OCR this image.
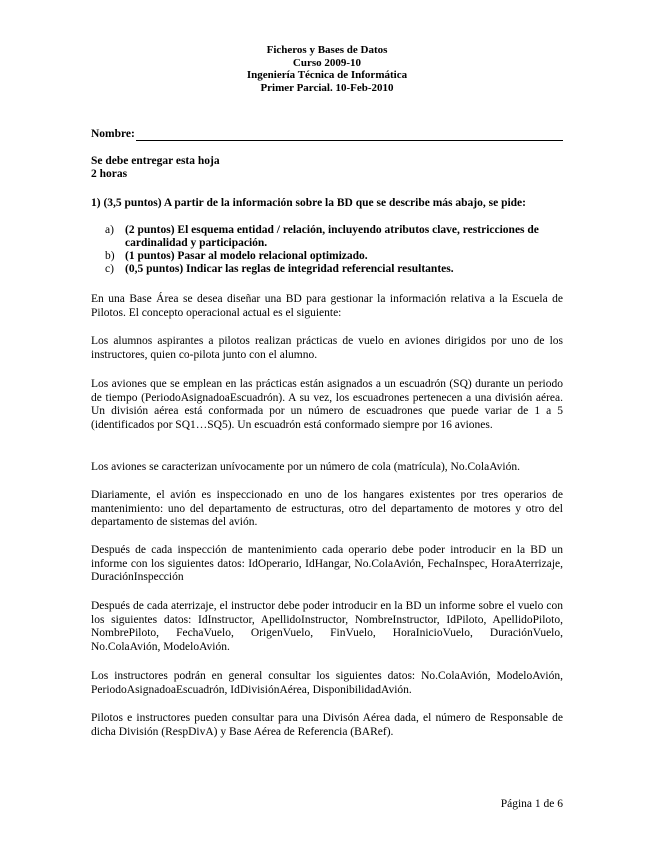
Ficheros y Bases de Datos
Curso 2009-10
Ingeniería Técnica de Informática
Primer Parcial. 10-Feb-2010
Nombre:
Se debe entregar esta hoja
2 horas
1) (3,5 puntos) A partir de la información sobre la BD que se describe más abajo, se pide:
a) (2 puntos) El esquema entidad / relación, incluyendo atributos clave, restricciones de cardinalidad y participación.
b) (1 puntos) Pasar al modelo relacional optimizado.
c) (0,5 puntos) Indicar las reglas de integridad referencial resultantes.
En una Base Área se desea diseñar una BD para gestionar la información relativa a la Escuela de Pilotos. El concepto operacional actual es el siguiente:
Los alumnos aspirantes a pilotos realizan prácticas de vuelo en aviones dirigidos por uno de los instructores, quien co-pilota junto con el alumno.
Los aviones que se emplean en las prácticas están asignados a un escuadrón (SQ) durante un periodo de tiempo (PeriodoAsignadoaEscuadrón). A su vez, los escuadrones pertenecen a una división aérea. Un división aérea está conformada por un número de escuadrones que puede variar de 1 a 5 (identificados por SQ1…SQ5). Un escuadrón está conformado siempre por 16 aviones.
Los aviones se caracterizan unívocamente por un número de cola (matrícula), No.ColaAvión.
Diariamente, el avión es inspeccionado en uno de los hangares existentes por tres operarios de mantenimiento: uno del departamento de estructuras, otro del departamento de motores y otro del departamento de sistemas del avión.
Después de cada inspección de mantenimiento cada operario debe poder introducir en la BD un informe con los siguientes datos: IdOperario, IdHangar, No.ColaAvión, FechaInspec, HoraAterrizaje, DuraciónInspección
Después de cada aterrizaje, el instructor debe poder introducir en la BD un informe sobre el vuelo con los siguientes datos: IdInstructor, ApellidoInstructor, NombreInstructor, IdPiloto, ApellidoPiloto, NombrePiloto, FechaVuelo, OrigenVuelo, FinVuelo, HoraInicioVuelo, DuraciónVuelo, No.ColaAvión, ModeloAvión.
Los instructores podrán en general consultar los siguientes datos: No.ColaAvión, ModeloAvión, PeriodoAsignadoaEscuadrón, IdDivisiónAérea, DisponibilidadAvión.
Pilotos e instructores pueden consultar para una Divisón Aérea dada, el número de Responsable de dicha División (RespDivA) y Base Aérea de Referencia (BARef).
Página 1 de 6
